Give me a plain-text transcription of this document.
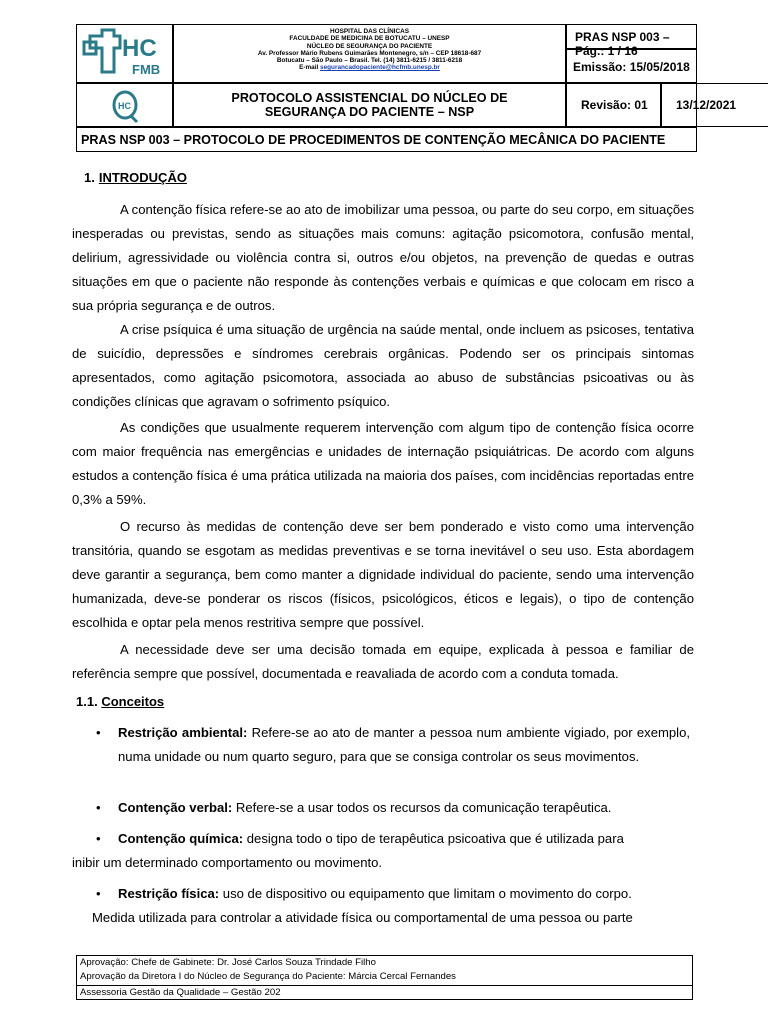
HC
FMB
HOSPITAL DAS CLÍNICAS
FACULDADE DE MEDICINA DE BOTUCATU – UNESP
NÚCLEO DE SEGURANÇA DO PACIENTE
Av. Professor Mário Rubens Guimarães Montenegro, s/n – CEP 18618-687
Botucatu – São Paulo – Brasil. Tel. (14) 3811-6215 / 3811-6218
E-mail segurancadopaciente@hcfmb.unesp.br
PRAS NSP 003 – Pág.: 1 / 16
Emissão: 15/05/2018
HC
PROTOCOLO ASSISTENCIAL DO NÚCLEO DE
SEGURANÇA DO PACIENTE – NSP	Revisão: 01 13/12/2021
PRAS NSP 003 – PROTOCOLO DE PROCEDIMENTOS DE CONTENÇÃO MECÂNICA DO PACIENTE
1. INTRODUÇÃO
A contenção física refere-se ao ato de imobilizar uma pessoa, ou parte do seu corpo, em situações inesperadas ou previstas, sendo as situações mais comuns: agitação psicomotora, confusão mental, delirium, agressividade ou violência contra si, outros e/ou objetos, na prevenção de quedas e outras situações em que o paciente não responde às contenções verbais e químicas e que colocam em risco a sua própria segurança e de outros.
A crise psíquica é uma situação de urgência na saúde mental, onde incluem as psicoses, tentativa de suicídio, depressões e síndromes cerebrais orgânicas. Podendo ser os principais sintomas apresentados, como agitação psicomotora, associada ao abuso de substâncias psicoativas ou às condições clínicas que agravam o sofrimento psíquico.
As condições que usualmente requerem intervenção com algum tipo de contenção física ocorre com maior frequência nas emergências e unidades de internação psiquiátricas. De acordo com alguns estudos a contenção física é uma prática utilizada na maioria dos países, com incidências reportadas entre 0,3% a 59%.
O recurso às medidas de contenção deve ser bem ponderado e visto como uma intervenção transitória, quando se esgotam as medidas preventivas e se torna inevitável o seu uso. Esta abordagem deve garantir a segurança, bem como manter a dignidade individual do paciente, sendo uma intervenção humanizada, deve-se ponderar os riscos (físicos, psicológicos, éticos e legais), o tipo de contenção escolhida e optar pela menos restritiva sempre que possível.
A necessidade deve ser uma decisão tomada em equipe, explicada à pessoa e familiar de referência sempre que possível, documentada e reavaliada de acordo com a conduta tomada.
1.1. Conceitos
• Restrição ambiental: Refere-se ao ato de manter a pessoa num ambiente vigiado, por exemplo, numa unidade ou num quarto seguro, para que se consiga controlar os seus movimentos.
• Contenção verbal: Refere-se a usar todos os recursos da comunicação terapêutica.
• Contenção química: designa todo o tipo de terapêutica psicoativa que é utilizada para
inibir um determinado comportamento ou movimento.
• Restrição física: uso de dispositivo ou equipamento que limitam o movimento do corpo.
Medida utilizada para controlar a atividade física ou comportamental de uma pessoa ou parte
Aprovação: Chefe de Gabinete: Dr. José Carlos Souza Trindade Filho
Aprovação da Diretora I do Núcleo de Segurança do Paciente: Márcia Cercal Fernandes
Assessoria Gestão da Qualidade – Gestão 202
